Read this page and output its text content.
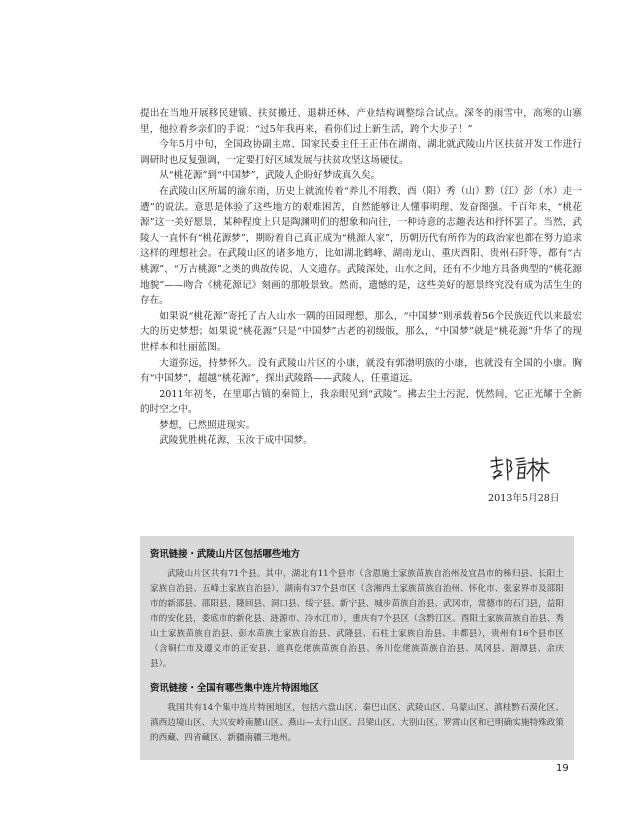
提出在当地开展移民建镇、扶贫搬迁、退耕还林、产业结构调整综合试点。深冬的雨雪中，高寒的山寨里，他拉着乡亲们的手说：“过5年我再来，看你们过上新生活，跨个大步子！”

今年5月中旬，全国政协副主席、国家民委主任王正伟在湖南、湖北就武陵山片区扶贫开发工作进行调研时也反复强调，一定要打好区域发展与扶贫攻坚这场硬仗。

从“桃花源”到“中国梦”，武陵人企盼好梦成真久矣。

在武陵山区所属的渝东南，历史上就流传着“养儿不用教，酉（阳）秀（山）黔（江）彭（水）走一遭”的说法。意思是体验了这些地方的艰难困苦，自然能够让人懂事明理、发奋图强。千百年来，“桃花源”这一美好愿景，某种程度上只是陶渊明们的想象和向往，一种诗意的志趣表达和抒怀罢了。当然，武陵人一直怀有“桃花源梦”，期盼着自己真正成为“桃源人家”，历朝历代有所作为的政治家也都在努力追求这样的理想社会。在武陵山区的诸多地方，比如湖北鹤峰、湖南龙山、重庆酉阳、贵州石阡等，都有“古桃源”、“万古桃源”之类的典故传说、人文遗存。武陵深处，山水之间，还有不少地方具备典型的“桃花源地貌”——吻合《桃花源记》刻画的那般景致。然而，遗憾的是，这些美好的愿景终究没有成为活生生的存在。

如果说“桃花源”寄托了古人山水一隅的田园理想，那么，“中国梦”则承载着56个民族近代以来最宏大的历史梦想；如果说“桃花源”只是“中国梦”古老的初级版，那么，“中国梦”就是“桃花源”升华了的现世样本和壮丽蓝图。

大道弥远，持梦怀久。没有武陵山片区的小康，就没有郭渤明族的小康，也就没有全国的小康。胸有“中国梦”，超越“桃花源”，探出武陵路——武陵人，任重道远。

2011年初冬，在里耶古镇的秦简上，我亲眼见到“武陵”。拂去尘土污泥，恍然间，它正光耀于全新的时空之中。

梦想，已然照进现实。

武陵犹胜桃花源，玉汝于成中国梦。

2013年5月28日
资讯链接・武陵山片区包括哪些地方

武陵山片区共有71个县。其中，湖北有11个县市（含恩施土家族苗族自治州及宜昌市的秭归县、长阳土家族自治县、五峰土家族自治县），湖南有37个县市区（含湘西土家族苗族自治州、怀化市、张家界市及邵阳市的新邵县、邵阳县、隆回县、洞口县、绥宁县、新宁县、城步苗族自治县、武冈市，常德市的石门县，益阳市的安化县，娄底市的新化县、涟源市、冷水江市），重庆有7个县区（含黔江区、酉阳土家族苗族自治县、秀山土家族苗族自治县、彭水苗族土家族自治县、武隆县、石柱土家族自治县、丰都县），贵州有16个县市区（含铜仁市及遵义市的正安县、道真仡佬族苗族自治县、务川仡佬族苗族自治县、凤冈县、湄潭县、余庆县）。

资讯链接・全国有哪些集中连片特困地区

我国共有14个集中连片特困地区，包括六盘山区、秦巴山区、武陵山区、乌蒙山区、滇桂黔石漠化区、滇西边境山区、大兴安岭南麓山区、燕山—太行山区、吕梁山区、大别山区、罗霄山区和已明确实施特殊政策的西藏、四省藏区、新疆南疆三地州。

19
